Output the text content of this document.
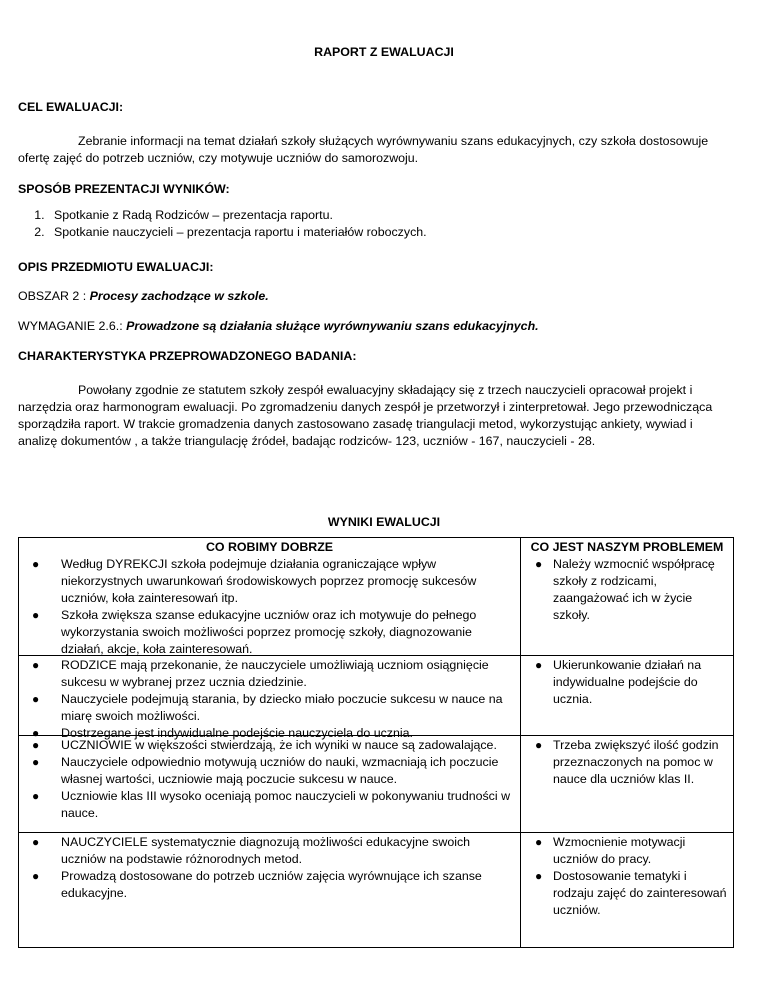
RAPORT Z EWALUACJI
CEL EWALUACJI:
Zebranie informacji na temat działań szkoły służących wyrównywaniu szans edukacyjnych, czy szkoła dostosowuje ofertę zajęć do potrzeb uczniów, czy motywuje uczniów do samorozwoju.
SPOSÓB PREZENTACJI WYNIKÓW:
1. Spotkanie z Radą Rodziców – prezentacja raportu.
2. Spotkanie nauczycieli – prezentacja raportu i materiałów roboczych.
OPIS PRZEDMIOTU EWALUACJI:
OBSZAR 2 : Procesy zachodzące w szkole.
WYMAGANIE 2.6.: Prowadzone są działania służące wyrównywaniu szans edukacyjnych.
CHARAKTERYSTYKA PRZEPROWADZONEGO BADANIA:
Powołany zgodnie ze statutem szkoły zespół ewaluacyjny składający się z trzech nauczycieli opracował projekt i narzędzia oraz harmonogram ewaluacji. Po zgromadzeniu danych zespół je przetworzył i zinterpretował. Jego przewodnicząca sporządziła raport. W trakcie gromadzenia danych zastosowano zasadę triangulacji metod, wykorzystując ankiety, wywiad i analizę dokumentów , a także triangulację źródeł, badając rodziców- 123, uczniów - 167, nauczycieli - 28.
WYNIKI EWALUCJI
CO ROBIMY DOBRZE
● Według DYREKCJI szkoła podejmuje działania ograniczające wpływ niekorzystnych uwarunkowań środowiskowych poprzez promocję sukcesów uczniów, koła zainteresowań itp.
● Szkoła zwiększa szanse edukacyjne uczniów oraz ich motywuje do pełnego wykorzystania swoich możliwości poprzez promocję szkoły, diagnozowanie działań, akcje, koła zainteresowań.
CO JEST NASZYM PROBLEMEM
● Należy wzmocnić współpracę szkoły z rodzicami, zaangażować ich w życie szkoły.
● RODZICE mają przekonanie, że nauczyciele umożliwiają uczniom osiągnięcie sukcesu w wybranej przez ucznia dziedzinie.
● Nauczyciele podejmują starania, by dziecko miało poczucie sukcesu w nauce na miarę swoich możliwości.
● Dostrzegane jest indywidualne podejście nauczyciela do ucznia.
● Ukierunkowanie działań na indywidualne podejście do ucznia.
● UCZNIOWIE w większości stwierdzają, że ich wyniki w nauce są zadowalające.
● Nauczyciele odpowiednio motywują uczniów do nauki, wzmacniają ich poczucie własnej wartości, uczniowie mają poczucie sukcesu w nauce.
● Uczniowie klas III wysoko oceniają pomoc nauczycieli w pokonywaniu trudności w nauce.
● Trzeba zwiększyć ilość godzin przeznaczonych na pomoc w nauce dla uczniów klas II.
● NAUCZYCIELE systematycznie diagnozują możliwości edukacyjne swoich uczniów na podstawie różnorodnych metod.
● Prowadzą dostosowane do potrzeb uczniów zajęcia wyrównujące ich szanse edukacyjne.
● Wzmocnienie motywacji uczniów do pracy.
● Dostosowanie tematyki i rodzaju zajęć do zainteresowań uczniów.
